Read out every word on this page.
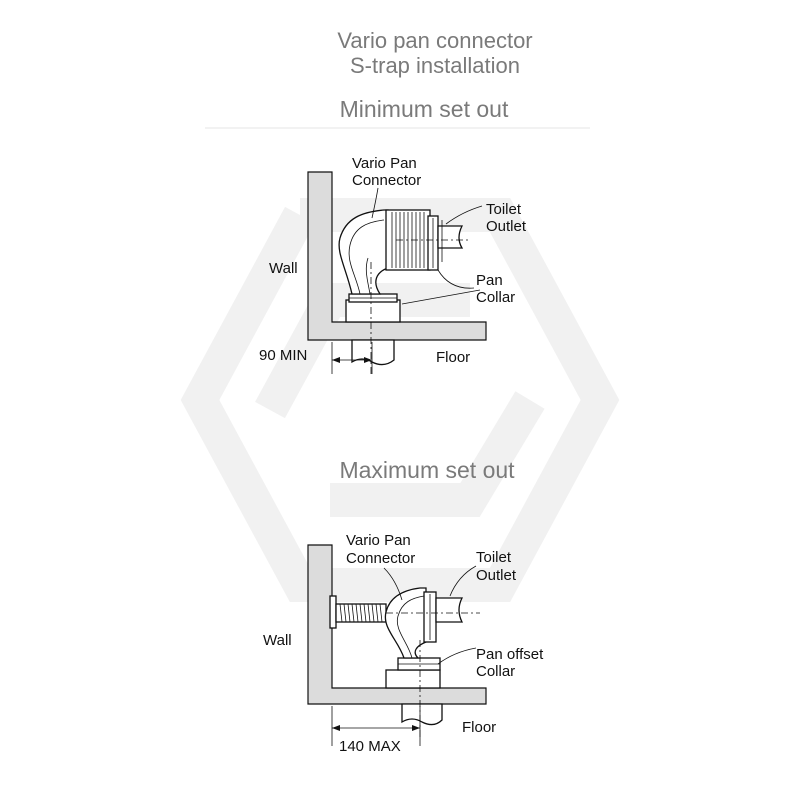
Vario pan connector
S-trap installation
Minimum set out
Vario Pan
Connector
Toilet
Outlet
Pan
Collar
Wall
Floor
90 MIN
Maximum set out
Vario Pan
Connector	Toilet
Outlet
Pan offset
Collar
Wall
Floor
140 MAX
